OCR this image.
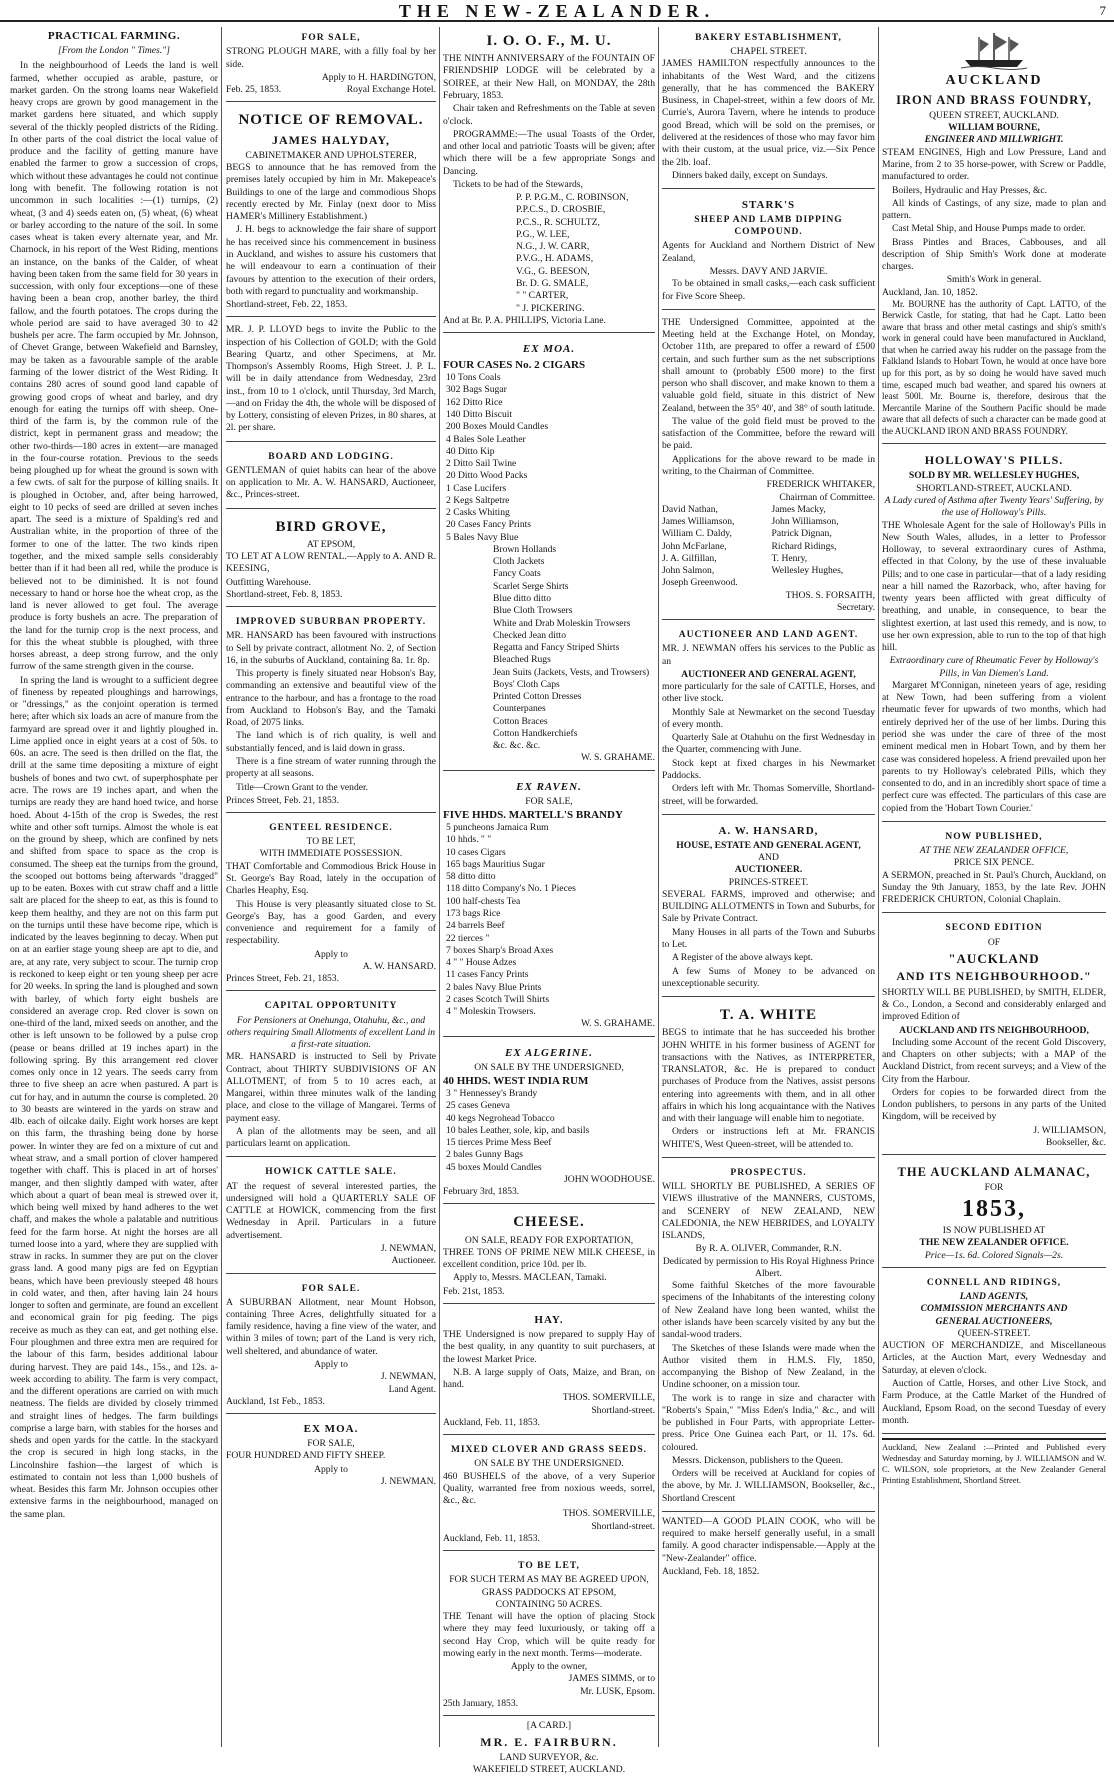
THE NEW-ZEALANDER.	7
PRACTICAL FARMING.
[From the London " Times."]

In the neighbourhood of Leeds the land is well farmed, whether occupied as arable, pasture, or market garden. On the strong loams near Wakefield heavy crops are grown by good management in the market gardens here situated, and which supply several of the thickly peopled districts of the Riding. In other parts of the coal district the local value of produce and the facility of getting manure have enabled the farmer to grow a succession of crops, which without these advantages he could not continue long with benefit. The following rotation is not uncommon in such localities :—(1) turnips, (2) wheat, (3 and 4) seeds eaten on, (5) wheat, (6) wheat or barley according to the nature of the soil. In some cases wheat is taken every alternate year, and Mr. Charnock, in his report of the West Riding, mentions an instance, on the banks of the Calder, of wheat having been taken from the same field for 30 years in succession, with only four exceptions—one of these having been a bean crop, another barley, the third fallow, and the fourth potatoes. The crops during the whole period are said to have averaged 30 to 42 bushels per acre. The farm occupied by Mr. Johnson, of Chevet Grange, between Wakefield and Barnsley, may be taken as a favourable sample of the arable farming of the lower district of the West Riding. It contains 280 acres of sound good land capable of growing good crops of wheat and barley, and dry enough for eating the turnips off with sheep. One-third of the farm is, by the common rule of the district, kept in permanent grass and meadow; the other two-thirds—180 acres in extent—are managed in the four-course rotation. Previous to the seeds being ploughed up for wheat the ground is sown with a few cwts. of salt for the purpose of killing snails. It is ploughed in October, and, after being harrowed, eight to 10 pecks of seed are drilled at seven inches apart. The seed is a mixture of Spalding's red and Australian white, in the proportion of three of the former to one of the latter. The two kinds ripen together, and the mixed sample sells considerably better than if it had been all red, while the produce is believed not to be diminished. It is not found necessary to hand or horse hoe the wheat crop, as the land is never allowed to get foul. The average produce is forty bushels an acre. The preparation of the land for the turnip crop is the next process, and for this the wheat stubble is ploughed, with three horses abreast, a deep strong furrow, and the only furrow of the same strength given in the course.

In spring the land is wrought to a sufficient degree of fineness by repeated ploughings and harrowings, or "dressings," as the conjoint operation is termed here; after which six loads an acre of manure from the farmyard are spread over it and lightly ploughed in. Lime applied once in eight years at a cost of 50s. to 60s. an acre. The seed is then drilled on the flat, the drill at the same time depositing a mixture of eight bushels of bones and two cwt. of superphosphate per acre. The rows are 19 inches apart, and when the turnips are ready they are hand hoed twice, and horse hoed. About 4-15th of the crop is Swedes, the rest white and other soft turnips. Almost the whole is eat on the ground by sheep, which are confined by nets and shifted from space to space as the crop is consumed. The sheep eat the turnips from the ground, the scooped out bottoms being afterwards "dragged" up to be eaten. Boxes with cut straw chaff and a little salt are placed for the sheep to eat, as this is found to keep them healthy, and they are not on this farm put on the turnips until these have become ripe, which is indicated by the leaves beginning to decay. When put on at an earlier stage young sheep are apt to die, and are, at any rate, very subject to scour. The turnip crop is reckoned to keep eight or ten young sheep per acre for 20 weeks. In spring the land is ploughed and sown with barley, of which forty eight bushels are considered an average crop. Red clover is sown on one-third of the land, mixed seeds on another, and the other is left unsown to be followed by a pulse crop (pease or beans drilled at 19 inches apart) in the following spring. By this arrangement red clover comes only once in 12 years. The seeds carry from three to five sheep an acre when pastured. A part is cut for hay, and in autumn the course is completed. 20 to 30 beasts are wintered in the yards on straw and 4lb. each of oilcake daily. Eight work horses are kept on this farm, the thrashing being done by horse power. In winter they are fed on a mixture of cut and wheat straw, and a small portion of clover hampered together with chaff. This is placed in art of horses' manger, and then slightly damped with water, after which about a quart of bean meal is strewed over it, which being well mixed by hand adheres to the wet chaff, and makes the whole a palatable and nutritious feed for the farm horse. At night the horses are all turned loose into a yard, where they are supplied with straw in racks. In summer they are put on the clover grass land. A good many pigs are fed on Egyptian beans, which have been previously steeped 48 hours in cold water, and then, after having lain 24 hours longer to soften and germinate, are found an excellent and economical grain for pig feeding. The pigs receive as much as they can eat, and get nothing else. Four ploughmen and three extra men are required for the labour of this farm, besides additional labour during harvest. They are paid 14s., 15s., and 12s. a-week according to ability. The farm is very compact, and the different operations are carried on with much neatness. The fields are divided by closely trimmed and straight lines of hedges. The farm buildings comprise a large barn, with stables for the horses and sheds and open yards for the cattle. In the stackyard the crop is secured in high long stacks, in the Lincolnshire fashion—the largest of which is estimated to contain not less than 1,000 bushels of wheat. Besides this farm Mr. Johnson occupies other extensive farms in the neighbourhood, managed on the same plan.

FOR SALE,

STRONG PLOUGH MARE, with a filly foal by her side.

Apply to H. HARDINGTON,
Feb. 25, 1853.	Royal Exchange Hotel.
NOTICE OF REMOVAL.
JAMES HALYDAY,
CABINETMAKER AND UPHOLSTERER,

BEGS to announce that he has removed from the premises lately occupied by him in Mr. Makepeace's Buildings to one of the large and commodious Shops recently erected by Mr. Finlay (next door to Miss HAMER's Millinery Establishment.)

J. H. begs to acknowledge the fair share of support he has received since his commencement in business in Auckland, and wishes to assure his customers that he will endeavour to earn a continuation of their favours by attention to the execution of their orders, both with regard to punctuality and workmanship.

Shortland-street, Feb. 22, 1853.

MR. J. P. LLOYD begs to invite the Public to the inspection of his Collection of GOLD; with the Gold Bearing Quartz, and other Specimens, at Mr. Thompson's Assembly Rooms, High Street. J. P. L. will be in daily attendance from Wednesday, 23rd inst., from 10 to 1 o'clock, until Thursday, 3rd March,—and on Friday the 4th, the whole will be disposed of by Lottery, consisting of eleven Prizes, in 80 shares, at 2l. per share.

BOARD AND LODGING.

GENTLEMAN of quiet habits can hear of the above on application to Mr. A. W. HANSARD, Auctioneer, &c., Princes-street.

BIRD GROVE,
AT EPSOM,

TO LET AT A LOW RENTAL.—Apply to A. AND R. KEESING,

Outfitting Warehouse.
Shortland-street, Feb. 8, 1853.
IMPROVED SUBURBAN PROPERTY.

MR. HANSARD has been favoured with instructions to Sell by private contract, allotment No. 2, of Section 16, in the suburbs of Auckland, containing 8a. 1r. 8p.

This property is finely situated near Hobson's Bay, commanding an extensive and beautiful view of the entrance to the harbour, and has a frontage to the road from Auckland to Hobson's Bay, and the Tamaki Road, of 2075 links.

The land which is of rich quality, is well and substantially fenced, and is laid down in grass.

There is a fine stream of water running through the property at all seasons.

Title—Crown Grant to the vender.

Princes Street, Feb. 21, 1853.
GENTEEL RESIDENCE.
TO BE LET,
WITH IMMEDIATE POSSESSION.

THAT Comfortable and Commodious Brick House in St. George's Bay Road, lately in the occupation of Charles Heaphy, Esq.

This House is very pleasantly situated close to St. George's Bay, has a good Garden, and every convenience and requirement for a family of respectability.

Apply to
A. W. HANSARD.
Princes Street, Feb. 21, 1853.
CAPITAL OPPORTUNITY
For Pensioners at Onehunga, Otahuhu, &c., and others requiring Small Allotments of excellent Land in a first-rate situation.

MR. HANSARD is instructed to Sell by Private Contract, about THIRTY SUBDIVISIONS OF AN ALLOTMENT, of from 5 to 10 acres each, at Mangarei, within three minutes walk of the landing place, and close to the village of Mangarei. Terms of payment easy.

A plan of the allotments may be seen, and all particulars learnt on application.

HOWICK CATTLE SALE.

AT the request of several interested parties, the undersigned will hold a QUARTERLY SALE OF CATTLE at HOWICK, commencing from the first Wednesday in April. Particulars in a future advertisement.

J. NEWMAN,
Auctioneer.
FOR SALE.

A SUBURBAN Allotment, near Mount Hobson, containing Three Acres, delightfully situated for a family residence, having a fine view of the water, and within 3 miles of town; part of the Land is very rich, well sheltered, and abundance of water.

Apply to
J. NEWMAN,
Land Agent.
Auckland, 1st Feb., 1853.
EX MOA.
FOR SALE,

FOUR HUNDRED AND FIFTY SHEEP.

Apply to
J. NEWMAN.
I. O. O. F., M. U.

THE NINTH ANNIVERSARY of the FOUNTAIN OF FRIENDSHIP LODGE will be celebrated by a SOIREE, at their New Hall, on MONDAY, the 28th February, 1853.

Chair taken and Refreshments on the Table at seven o'clock.

PROGRAMME:—The usual Toasts of the Order, and other local and patriotic Toasts will be given; after which there will be a few appropriate Songs and Dancing.

Tickets to be had of the Stewards,

P. P. P.G.M., C. ROBINSON,
P.P.C.S., D. CROSBIE,
P.C.S., R. SCHULTZ,
P.G., W. LEE,
N.G., J. W. CARR,
P.V.G., H. ADAMS,
V.G., G. BEESON,
Br. D. G. SMALE,
" " CARTER,
" J. PICKERING.
And at Br. P. A. PHILLIPS, Victoria Lane.
EX MOA.
FOUR CASES No. 2 CIGARS
10 Tons Coals
302 Bags Sugar
162 Ditto Rice
140 Ditto Biscuit
200 Boxes Mould Candles
4 Bales Sole Leather
40 Ditto Kip
2 Ditto Sail Twine
20 Ditto Wood Packs
1 Case Lucifers
2 Kegs Saltpetre
2 Casks Whiting
20 Cases Fancy Prints
5 Bales Navy Blue
Brown Hollands
Cloth Jackets
Fancy Coats
Scarlet Serge Shirts
Blue ditto ditto
Blue Cloth Trowsers
White and Drab Moleskin Trowsers
Checked Jean ditto
Regatta and Fancy Striped Shirts
Bleached Rugs
Jean Suits (Jackets, Vests, and Trowsers)
Boys' Cloth Caps
Printed Cotton Dresses
Counterpanes
Cotton Braces
Cotton Handkerchiefs
&c. &c. &c.
W. S. GRAHAME.
EX RAVEN.
FOR SALE,
FIVE HHDS. MARTELL'S BRANDY
5 puncheons Jamaica Rum
10 hhds. " "
10 cases Cigars
165 bags Mauritius Sugar
58 ditto ditto
118 ditto Company's No. 1 Pieces
100 half-chests Tea
173 bags Rice
24 barrels Beef
22 tierces "
7 boxes Sharp's Broad Axes
4 " " House Adzes
11 cases Fancy Prints
2 bales Navy Blue Prints
2 cases Scotch Twill Shirts
4 " Moleskin Trowsers.
W. S. GRAHAME.
EX ALGERINE.
ON SALE BY THE UNDERSIGNED,
40 HHDS. WEST INDIA RUM
3 " Hennessey's Brandy
25 cases Geneva
40 kegs Negrohead Tobacco
10 bales Leather, sole, kip, and basils
15 tierces Prime Mess Beef
2 bales Gunny Bags
45 boxes Mould Candles
JOHN WOODHOUSE.
February 3rd, 1853.
CHEESE.
ON SALE, READY FOR EXPORTATION,

THREE TONS OF PRIME NEW MILK CHEESE, in excellent condition, price 10d. per lb.

Apply to, Messrs. MACLEAN, Tamaki.

Feb. 21st, 1853.
HAY.

THE Undersigned is now prepared to supply Hay of the best quality, in any quantity to suit purchasers, at the lowest Market Price.

N.B. A large supply of Oats, Maize, and Bran, on hand.

THOS. SOMERVILLE,
Shortland-street.
Auckland, Feb. 11, 1853.
MIXED CLOVER AND GRASS SEEDS.
ON SALE BY THE UNDERSIGNED.

460 BUSHELS of the above, of a very Superior Quality, warranted free from noxious weeds, sorrel, &c., &c.

THOS. SOMERVILLE,
Shortland-street.
Auckland, Feb. 11, 1853.
TO BE LET,
FOR SUCH TERM AS MAY BE AGREED UPON,
GRASS PADDOCKS AT EPSOM,
CONTAINING 50 ACRES.

THE Tenant will have the option of placing Stock where they may feed luxuriously, or taking off a second Hay Crop, which will be quite ready for mowing early in the next month. Terms—moderate.

Apply to the owner,
JAMES SIMMS, or to
Mr. LUSK, Epsom.
25th January, 1853.
[A CARD.]
MR. E. FAIRBURN.
LAND SURVEYOR, &c.
WAKEFIELD STREET, AUCKLAND.
BAKERY ESTABLISHMENT,
CHAPEL STREET.

JAMES HAMILTON respectfully announces to the inhabitants of the West Ward, and the citizens generally, that he has commenced the BAKERY Business, in Chapel-street, within a few doors of Mr. Currie's, Aurora Tavern, where he intends to produce good Bread, which will be sold on the premises, or delivered at the residences of those who may favor him with their custom, at the usual price, viz.—Six Pence the 2lb. loaf.

Dinners baked daily, except on Sundays.

STARK'S
SHEEP AND LAMB DIPPING COMPOUND.

Agents for Auckland and Northern District of New Zealand,

Messrs. DAVY AND JARVIE.

To be obtained in small casks,—each cask sufficient for Five Score Sheep.

THE Undersigned Committee, appointed at the Meeting held at the Exchange Hotel, on Monday, October 11th, are prepared to offer a reward of £500 certain, and such further sum as the net subscriptions shall amount to (probably £500 more) to the first person who shall discover, and make known to them a valuable gold field, situate in this district of New Zealand, between the 35° 40', and 38° of south latitude.

The value of the gold field must be proved to the satisfaction of the Committee, before the reward will be paid.

Applications for the above reward to be made in writing, to the Chairman of Committee.

FREDERICK WHITAKER,
Chairman of Committee.
David Nathan,
James Williamson,
William C. Daldy,
John McFarlane,
J. A. Gilfillan,
John Salmon,
Joseph Greenwood.
James Macky,
John Williamson,
Patrick Dignan,
Richard Ridings,
T. Henry,
Wellesley Hughes,
THOS. S. FORSAITH,
Secretary.
AUCTIONEER AND LAND AGENT.

MR. J. NEWMAN offers his services to the Public as an

AUCTIONEER AND GENERAL AGENT,

more particularly for the sale of CATTLE, Horses, and other live stock.

Monthly Sale at Newmarket on the second Tuesday of every month.

Quarterly Sale at Otahuhu on the first Wednesday in the Quarter, commencing with June.

Stock kept at fixed charges in his Newmarket Paddocks.

Orders left with Mr. Thomas Somerville, Shortland-street, will be forwarded.

A. W. HANSARD,
HOUSE, ESTATE AND GENERAL AGENT,
AND
AUCTIONEER.
PRINCES-STREET.

SEVERAL FARMS, improved and otherwise; and BUILDING ALLOTMENTS in Town and Suburbs, for Sale by Private Contract.

Many Houses in all parts of the Town and Suburbs to Let.

A Register of the above always kept.

A few Sums of Money to be advanced on unexceptionable security.

T. A. WHITE

BEGS to intimate that he has succeeded his brother JOHN WHITE in his former business of AGENT for transactions with the Natives, as INTERPRETER, TRANSLATOR, &c. He is prepared to conduct purchases of Produce from the Natives, assist persons entering into agreements with them, and in all other affairs in which his long acquaintance with the Natives and with their language will enable him to negotiate.

Orders or instructions left at Mr. FRANCIS WHITE'S, West Queen-street, will be attended to.

PROSPECTUS.

WILL SHORTLY BE PUBLISHED, A SERIES OF VIEWS illustrative of the MANNERS, CUSTOMS, and SCENERY of NEW ZEALAND, NEW CALEDONIA, the NEW HEBRIDES, and LOYALTY ISLANDS,

By R. A. OLIVER, Commander, R.N.
Dedicated by permission to His Royal Highness Prince Albert.

Some faithful Sketches of the more favourable specimens of the Inhabitants of the interesting colony of New Zealand have long been wanted, whilst the other islands have been scarcely visited by any but the sandal-wood traders.

The Sketches of these Islands were made when the Author visited them in H.M.S. Fly, 1850, accompanying the Bishop of New Zealand, in the Undine schooner, on a mission tour.

The work is to range in size and character with "Roberts's Spain," "Miss Eden's India," &c., and will be published in Four Parts, with appropriate Letter-press. Price One Guinea each Part, or 1l. 17s. 6d. coloured.

Messrs. Dickenson, publishers to the Queen.

Orders will be received at Auckland for copies of the above, by Mr. J. WILLIAMSON, Bookseller, &c., Shortland Crescent

WANTED—A GOOD PLAIN COOK, who will be required to make herself generally useful, in a small family. A good character indispensable.—Apply at the "New-Zealander" office.

Auckland, Feb. 18, 1852.
AUCKLAND
IRON AND BRASS FOUNDRY,
QUEEN STREET, AUCKLAND.
WILLIAM BOURNE,
ENGINEER AND MILLWRIGHT.

STEAM ENGINES, High and Low Pressure, Land and Marine, from 2 to 35 horse-power, with Screw or Paddle, manufactured to order.

Boilers, Hydraulic and Hay Presses, &c.

All kinds of Castings, of any size, made to plan and pattern.

Cast Metal Ship, and House Pumps made to order.

Brass Pintles and Braces, Cabbouses, and all description of Ship Smith's Work done at moderate charges.

Smith's Work in general.
Auckland, Jan. 10, 1852.

Mr. BOURNE has the authority of Capt. LATTO, of the Berwick Castle, for stating, that had he Capt. Latto been aware that brass and other metal castings and ship's smith's work in general could have been manufactured in Auckland, that when he carried away his rudder on the passage from the Falkland Islands to Hobart Town, he would at once have bore up for this port, as by so doing he would have saved much time, escaped much bad weather, and spared his owners at least 500l. Mr. Bourne is, therefore, desirous that the Mercantile Marine of the Southern Pacific should be made aware that all defects of such a character can be made good at the AUCKLAND IRON AND BRASS FOUNDRY.

HOLLOWAY'S PILLS.
SOLD BY MR. WELLESLEY HUGHES,
SHORTLAND-STREET, AUCKLAND.
A Lady cured of Asthma after Twenty Years' Suffering, by the use of Holloway's Pills.

THE Wholesale Agent for the sale of Holloway's Pills in New South Wales, alludes, in a letter to Professor Holloway, to several extraordinary cures of Asthma, effected in that Colony, by the use of these invaluable Pills; and to one case in particular—that of a lady residing near a hill named the Razorback, who, after having for twenty years been afflicted with great difficulty of breathing, and unable, in consequence, to bear the slightest exertion, at last used this remedy, and is now, to use her own expression, able to run to the top of that high hill.

Extraordinary cure of Rheumatic Fever by Holloway's Pills, in Van Diemen's Land.

Margaret M'Connigan, nineteen years of age, residing at New Town, had been suffering from a violent rheumatic fever for upwards of two months, which had entirely deprived her of the use of her limbs. During this period she was under the care of three of the most eminent medical men in Hobart Town, and by them her case was considered hopeless. A friend prevailed upon her parents to try Holloway's celebrated Pills, which they consented to do, and in an incredibly short space of time a perfect cure was effected. The particulars of this case are copied from the 'Hobart Town Courier.'

NOW PUBLISHED,
AT THE NEW ZEALANDER OFFICE,
PRICE SIX PENCE.

A SERMON, preached in St. Paul's Church, Auckland, on Sunday the 9th January, 1853, by the late Rev. JOHN FREDERICK CHURTON, Colonial Chaplain.

SECOND EDITION
OF
"AUCKLAND
AND ITS NEIGHBOURHOOD."

SHORTLY WILL BE PUBLISHED, by SMITH, ELDER, & Co., London, a Second and considerably enlarged and improved Edition of

AUCKLAND AND ITS NEIGHBOURHOOD,

Including some Account of the recent Gold Discovery, and Chapters on other subjects; with a MAP of the Auckland District, from recent surveys; and a View of the City from the Harbour.

Orders for copies to be forwarded direct from the London publishers, to persons in any parts of the United Kingdom, will be received by

J. WILLIAMSON,
Bookseller, &c.
THE AUCKLAND ALMANAC,
FOR
1853,
IS NOW PUBLISHED AT
THE NEW ZEALANDER OFFICE.
Price—1s. 6d. Colored Signals—2s.
CONNELL AND RIDINGS,
LAND AGENTS,
COMMISSION MERCHANTS AND
GENERAL AUCTIONEERS,
QUEEN-STREET.

AUCTION OF MERCHANDIZE, and Miscellaneous Articles, at the Auction Mart, every Wednesday and Saturday, at eleven o'clock.

Auction of Cattle, Horses, and other Live Stock, and Farm Produce, at the Cattle Market of the Hundred of Auckland, Epsom Road, on the second Tuesday of every month.

Auckland, New Zealand :—Printed and Published every Wednesday and Saturday morning, by J. WILLIAMSON and W. C. WILSON, sole proprietors, at the New Zealander General Printing Establishment, Shortland Street.
